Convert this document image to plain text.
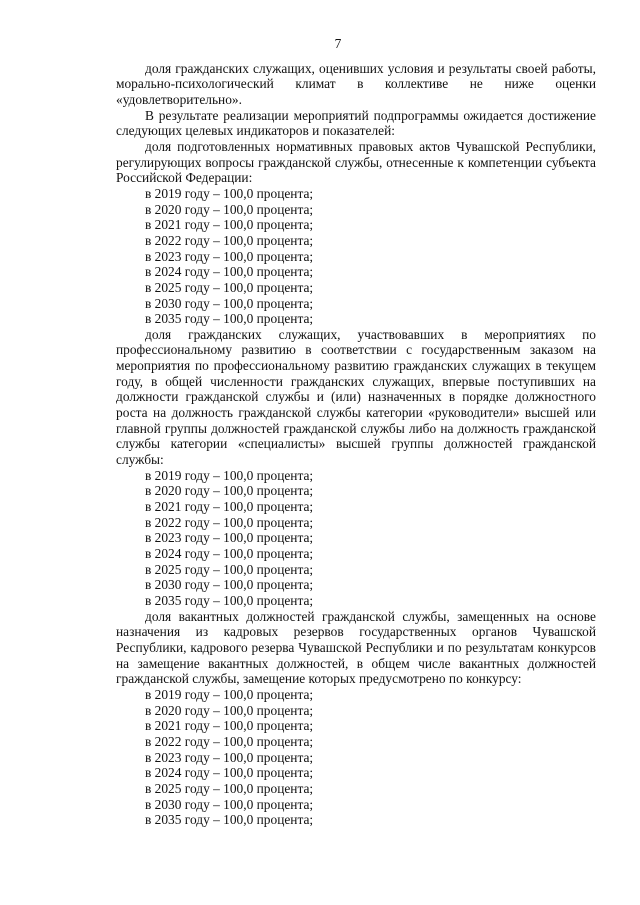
7

доля гражданских служащих, оценивших условия и результаты своей работы, морально-психологический климат в коллективе не ниже оценки «удовлетворительно».

В результате реализации мероприятий подпрограммы ожидается достижение следующих целевых индикаторов и показателей:

доля подготовленных нормативных правовых актов Чувашской Республики, регулирующих вопросы гражданской службы, отнесенные к компетенции субъекта Российской Федерации:

в 2019 году – 100,0 процента;

в 2020 году – 100,0 процента;

в 2021 году – 100,0 процента;

в 2022 году – 100,0 процента;

в 2023 году – 100,0 процента;

в 2024 году – 100,0 процента;

в 2025 году – 100,0 процента;

в 2030 году – 100,0 процента;

в 2035 году – 100,0 процента;

доля гражданских служащих, участвовавших в мероприятиях по профессиональному развитию в соответствии с государственным заказом на мероприятия по профессиональному развитию гражданских служащих в текущем году, в общей численности гражданских служащих, впервые поступивших на должности гражданской службы и (или) назначенных в порядке должностного роста на должность гражданской службы категории «руководители» высшей или главной группы должностей гражданской службы либо на должность гражданской службы категории «специалисты» высшей группы должностей гражданской службы:

в 2019 году – 100,0 процента;

в 2020 году – 100,0 процента;

в 2021 году – 100,0 процента;

в 2022 году – 100,0 процента;

в 2023 году – 100,0 процента;

в 2024 году – 100,0 процента;

в 2025 году – 100,0 процента;

в 2030 году – 100,0 процента;

в 2035 году – 100,0 процента;

доля вакантных должностей гражданской службы, замещенных на основе назначения из кадровых резервов государственных органов Чувашской Республики, кадрового резерва Чувашской Республики и по результатам конкурсов на замещение вакантных должностей, в общем числе вакантных должностей гражданской службы, замещение которых предусмотрено по конкурсу:

в 2019 году – 100,0 процента;

в 2020 году – 100,0 процента;

в 2021 году – 100,0 процента;

в 2022 году – 100,0 процента;

в 2023 году – 100,0 процента;

в 2024 году – 100,0 процента;

в 2025 году – 100,0 процента;

в 2030 году – 100,0 процента;

в 2035 году – 100,0 процента;
